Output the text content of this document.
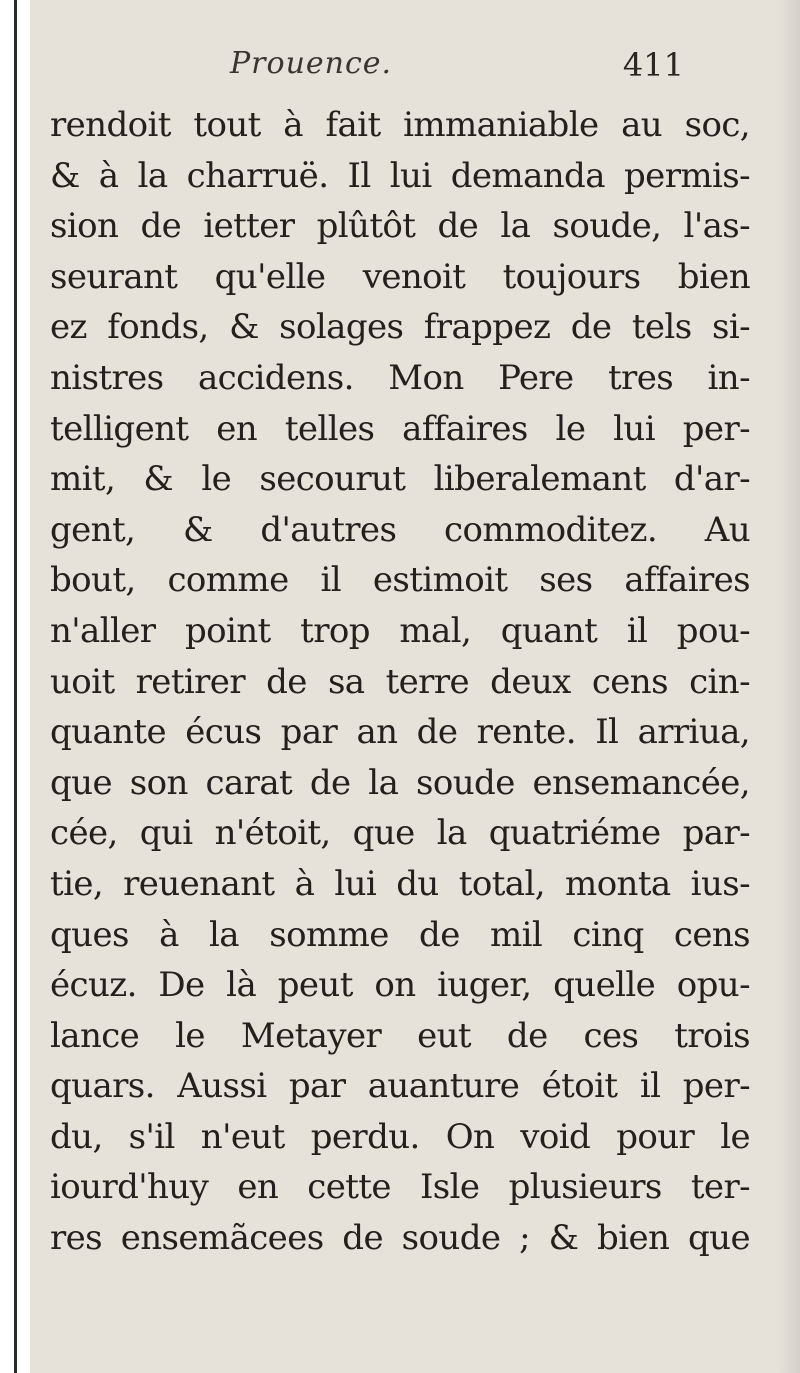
Prouence.	411
rendoit tout à fait immaniable au soc,
& à la charruë. Il lui demanda permis-
sion de ietter plûtôt de la soude, l'as-
seurant qu'elle venoit toujours bien
ez fonds, & solages frappez de tels si-
nistres accidens. Mon Pere tres in-
telligent en telles affaires le lui per-
mit, & le secourut liberalemant d'ar-
gent, & d'autres commoditez. Au
bout, comme il estimoit ses affaires
n'aller point trop mal, quant il pou-
uoit retirer de sa terre deux cens cin-
quante écus par an de rente. Il arriua,
que son carat de la soude ensemancée,
cée, qui n'étoit, que la quatriéme par-
tie, reuenant à lui du total, monta ius-
ques à la somme de mil cinq cens
écuz. De là peut on iuger, quelle opu-
lance le Metayer eut de ces trois
quars. Aussi par auanture étoit il per-
du, s'il n'eut perdu. On void pour le
iourd'huy en cette Isle plusieurs ter-
res ensemãcees de soude ; & bien que
